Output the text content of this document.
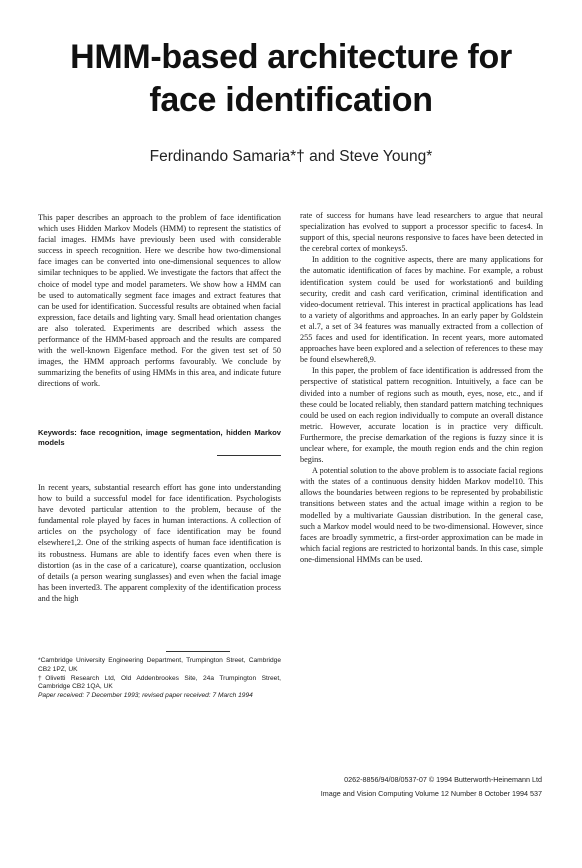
HMM-based architecture for
face identification
Ferdinando Samaria*† and Steve Young*

This paper describes an approach to the problem of face identification which uses Hidden Markov Models (HMM) to represent the statistics of facial images. HMMs have previously been used with considerable success in speech recognition. Here we describe how two-dimensional face images can be converted into one-dimensional sequences to allow similar techniques to be applied. We investigate the factors that affect the choice of model type and model parameters. We show how a HMM can be used to automatically segment face images and extract features that can be used for identification. Successful results are obtained when facial expression, face details and lighting vary. Small head orientation changes are also tolerated. Experiments are described which assess the performance of the HMM-based approach and the results are compared with the well-known Eigenface method. For the given test set of 50 images, the HMM approach performs favourably. We conclude by summarizing the benefits of using HMMs in this area, and indicate future directions of work.

Keywords: face recognition, image segmentation, hidden Markov models

In recent years, substantial research effort has gone into understanding how to build a successful model for face identification. Psychologists have devoted particular attention to the problem, because of the fundamental role played by faces in human interactions. A collection of articles on the psychology of face identification may be found elsewhere1,2. One of the striking aspects of human face identification is its robustness. Humans are able to identify faces even when there is distortion (as in the case of a caricature), coarse quantization, occlusion of details (a person wearing sunglasses) and even when the facial image has been inverted3. The apparent complexity of the identification process and the high

*Cambridge University Engineering Department, Trumpington Street, Cambridge CB2 1PZ, UK

†Olivetti Research Ltd, Old Addenbrookes Site, 24a Trumpington Street, Cambridge CB2 1QA, UK

Paper received: 7 December 1993; revised paper received: 7 March 1994

rate of success for humans have lead researchers to argue that neural specialization has evolved to support a processor specific to faces4. In support of this, special neurons responsive to faces have been detected in the cerebral cortex of monkeys5.

In addition to the cognitive aspects, there are many applications for the automatic identification of faces by machine. For example, a robust identification system could be used for workstation6 and building security, credit and cash card verification, criminal identification and video-document retrieval. This interest in practical applications has lead to a variety of algorithms and approaches. In an early paper by Goldstein et al.7, a set of 34 features was manually extracted from a collection of 255 faces and used for identification. In recent years, more automated approaches have been explored and a selection of references to these may be found elsewhere8,9.

In this paper, the problem of face identification is addressed from the perspective of statistical pattern recognition. Intuitively, a face can be divided into a number of regions such as mouth, eyes, nose, etc., and if these could be located reliably, then standard pattern matching techniques could be used on each region individually to compute an overall distance metric. However, accurate location is in practice very difficult. Furthermore, the precise demarkation of the regions is fuzzy since it is unclear where, for example, the mouth region ends and the chin region begins.

A potential solution to the above problem is to associate facial regions with the states of a continuous density hidden Markov model10. This allows the boundaries between regions to be represented by probabilistic transitions between states and the actual image within a region to be modelled by a multivariate Gaussian distribution. In the general case, such a Markov model would need to be two-dimensional. However, since faces are broadly symmetric, a first-order approximation can be made in which facial regions are restricted to horizontal bands. In this case, simple one-dimensional HMMs can be used.

0262-8856/94/08/0537-07 © 1994 Butterworth-Heinemann Ltd
Image and Vision Computing Volume 12 Number 8 October 1994 537
